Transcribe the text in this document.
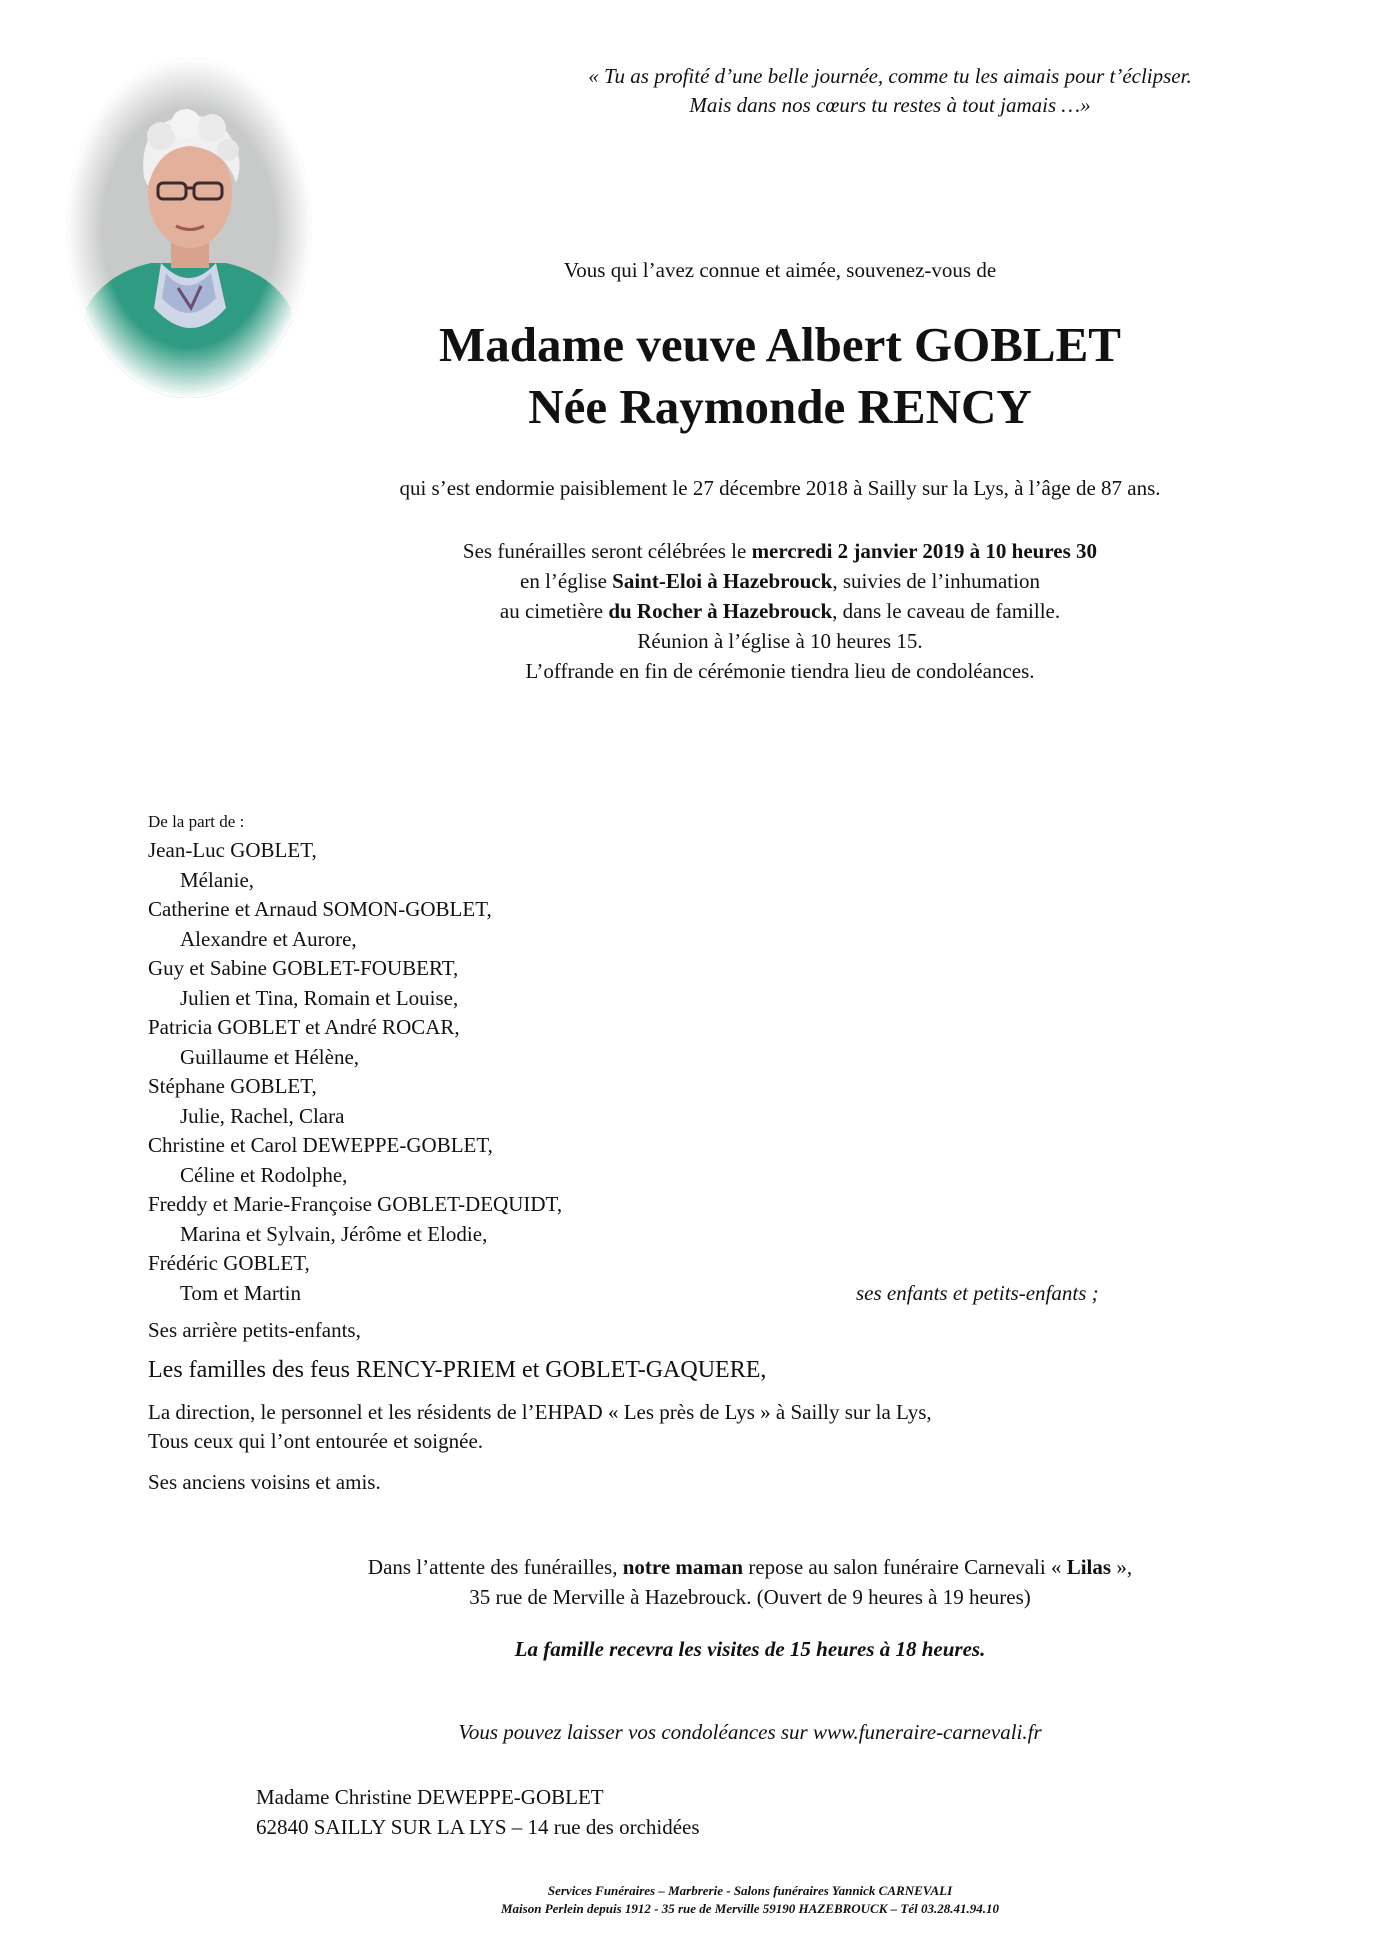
« Tu as profité d’une belle journée, comme tu les aimais pour t’éclipser.
Mais dans nos cœurs tu restes à tout jamais …»
Vous qui l’avez connue et aimée, souvenez-vous de
Madame veuve Albert GOBLET
Née Raymonde RENCY
qui s’est endormie paisiblement le 27 décembre 2018 à Sailly sur la Lys, à l’âge de 87 ans.

Ses funérailles seront célébrées le mercredi 2 janvier 2019 à 10 heures 30

en l’église Saint-Eloi à Hazebrouck, suivies de l’inhumation

au cimetière du Rocher à Hazebrouck, dans le caveau de famille.

Réunion à l’église à 10 heures 15.

L’offrande en fin de cérémonie tiendra lieu de condoléances.

De la part de :
Jean-Luc GOBLET,
Mélanie,
Catherine et Arnaud SOMON-GOBLET,
Alexandre et Aurore,
Guy et Sabine GOBLET-FOUBERT,
Julien et Tina, Romain et Louise,
Patricia GOBLET et André ROCAR,
Guillaume et Hélène,
Stéphane GOBLET,
Julie, Rachel, Clara
Christine et Carol DEWEPPE-GOBLET,
Céline et Rodolphe,
Freddy et Marie-Françoise GOBLET-DEQUIDT,
Marina et Sylvain, Jérôme et Elodie,
Frédéric GOBLET,
Tom et Martin	ses enfants et petits-enfants ;
Ses arrière petits-enfants,
Les familles des feus RENCY-PRIEM et GOBLET-GAQUERE,
La direction, le personnel et les résidents de l’EHPAD « Les près de Lys » à Sailly sur la Lys,
Tous ceux qui l’ont entourée et soignée.
Ses anciens voisins et amis.

Dans l’attente des funérailles, notre maman repose au salon funéraire Carnevali « Lilas »,

35 rue de Merville à Hazebrouck. (Ouvert de 9 heures à 19 heures)

La famille recevra les visites de 15 heures à 18 heures.
Vous pouvez laisser vos condoléances sur www.funeraire-carnevali.fr

Madame Christine DEWEPPE-GOBLET

62840 SAILLY SUR LA LYS – 14 rue des orchidées

Services Funéraires – Marbrerie - Salons funéraires Yannick CARNEVALI

Maison Perlein depuis 1912 - 35 rue de Merville 59190 HAZEBROUCK – Tél 03.28.41.94.10
